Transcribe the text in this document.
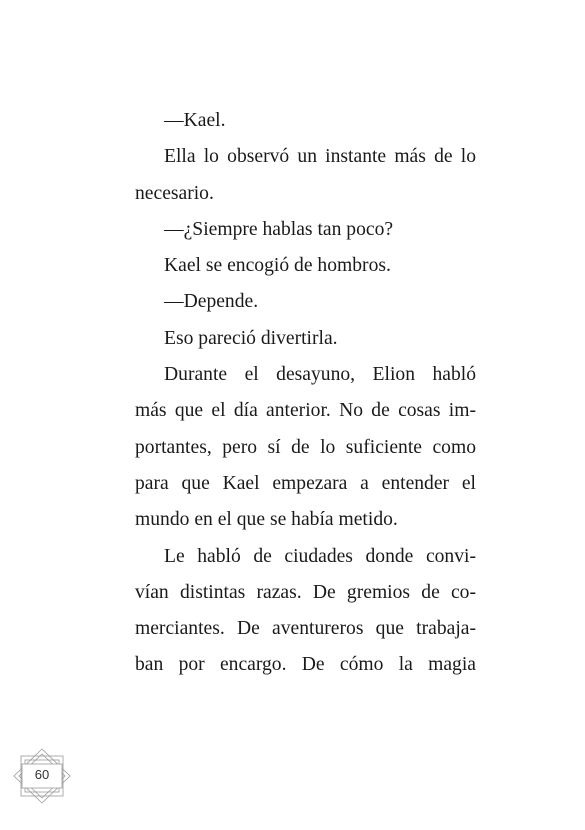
—Kael.
Ella lo observó un instante más de lo
necesario.
—¿Siempre hablas tan poco?
Kael se encogió de hombros.
—Depende.
Eso pareció divertirla.
Durante el desayuno, Elion habló
más que el día anterior. No de cosas im-
portantes, pero sí de lo suficiente como
para que Kael empezara a entender el
mundo en el que se había metido.
Le habló de ciudades donde convi-
vían distintas razas. De gremios de co-
merciantes. De aventureros que trabaja-
ban por encargo. De cómo la magia
60
